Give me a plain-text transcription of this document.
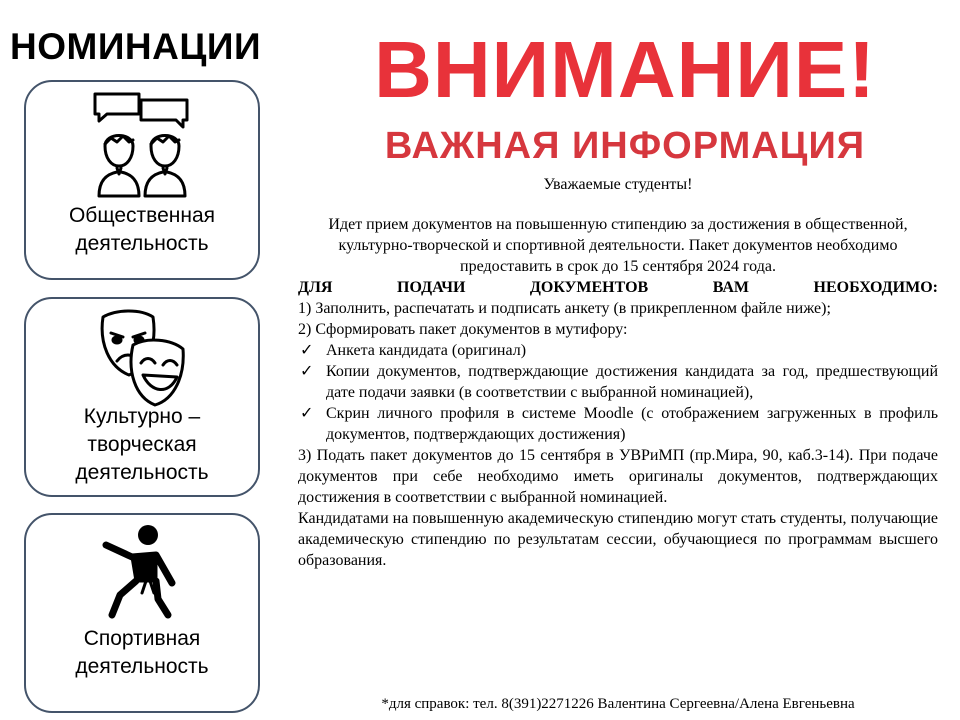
НОМИНАЦИИ
Общественная
деятельность
Культурно –
творческая
деятельность
Спортивная
деятельность
ВНИМАНИЕ!
ВАЖНАЯ ИНФОРМАЦИЯ

Уважаемые студенты!

Идет прием документов на повышенную стипендию за достижения в общественной, культурно-творческой и спортивной деятельности. Пакет документов необходимо предоставить в срок до 15 сентября 2024 года.

ДЛЯ ПОДАЧИ ДОКУМЕНТОВ ВАМ НЕОБХОДИМО:

1) Заполнить, распечатать и подписать анкету (в прикрепленном файле ниже);

2) Сформировать пакет документов в мутифору:

✓ Анкета кандидата (оригинал)
✓ Копии документов, подтверждающие достижения кандидата за год, предшествующий дате подачи заявки (в соответствии с выбранной номинацией),
✓ Скрин личного профиля в системе Moodle (с отображением загруженных в профиль документов, подтверждающих достижения)

3) Подать пакет документов до 15 сентября в УВРиМП (пр.Мира, 90, каб.3-14). При подаче документов при себе необходимо иметь оригиналы документов, подтверждающих достижения в соответствии с выбранной номинацией.

Кандидатами на повышенную академическую стипендию могут стать студенты, получающие академическую стипендию по результатам сессии, обучающиеся по программам высшего образования.

*для справок: тел. 8(391)2271226 Валентина Сергеевна/Алена Евгеньевна
